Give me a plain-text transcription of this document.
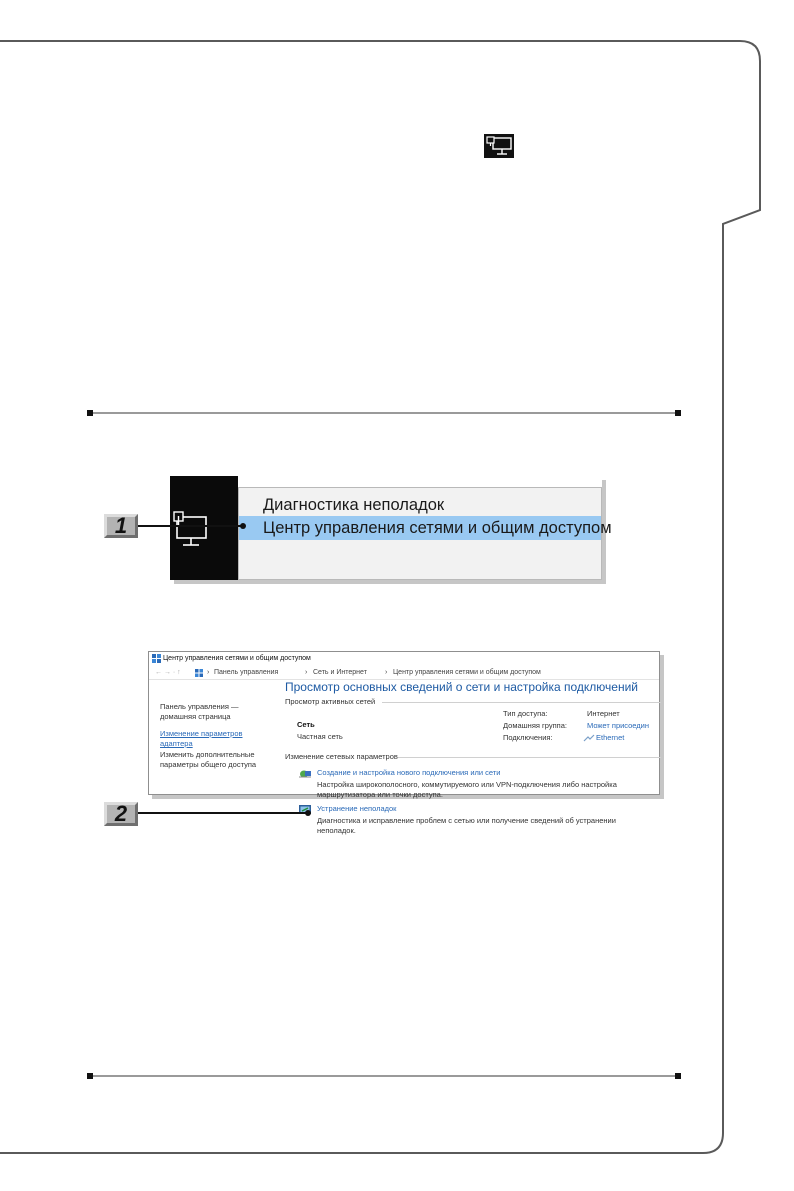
Диагностика неполадок
Центр управления сетями и общим доступом
1
Центр управления сетями и общим доступом
← → · ↑	› Панель управления	› Сеть и Интернет	› Центр управления сетями и общим доступом
Панель управления —
домашняя страница
Изменение параметров
адаптера
Изменить дополнительные
параметры общего доступа
Просмотр основных сведений о сети и настройка подключений
Просмотр активных сетей
Сеть
Частная сеть
Тип доступа:	Интернет
Домашняя группа:	Может присоедин
Подключения:	Ethernet
Изменение сетевых параметров
Создание и настройка нового подключения или сети
Настройка широкополосного, коммутируемого или VPN-подключения либо настройка
маршрутизатора или точки доступа.
Устранение неполадок
Диагностика и исправление проблем с сетью или получение сведений об устранении
неполадок.
2
